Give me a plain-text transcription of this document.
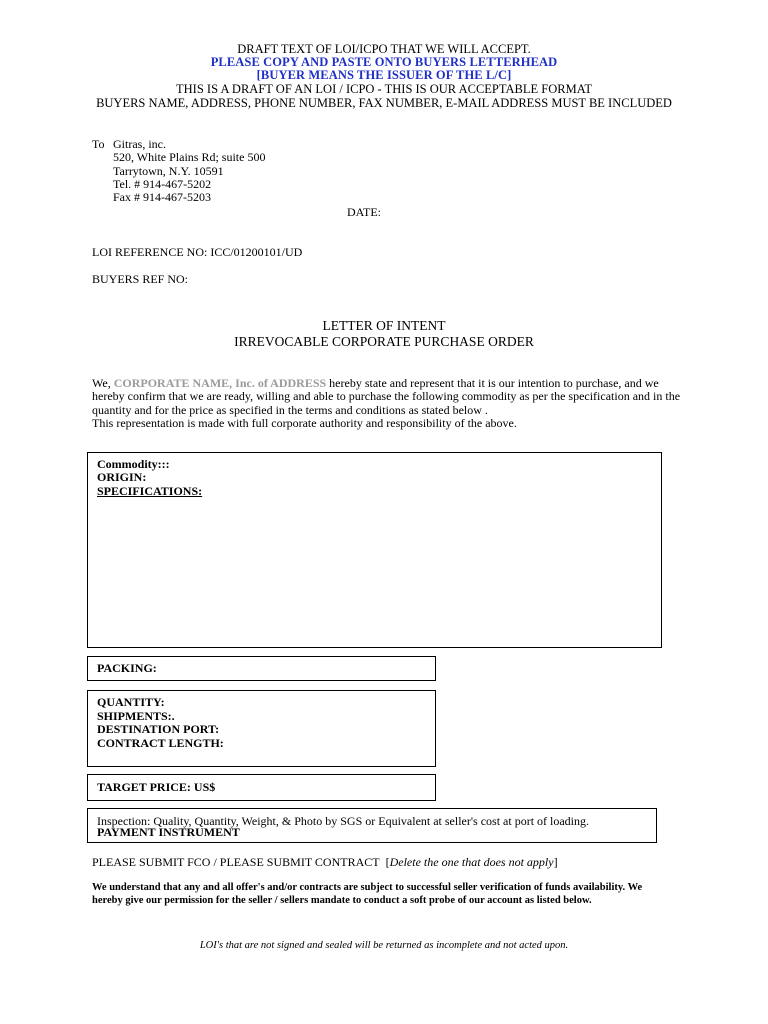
DRAFT TEXT OF LOI/ICPO THAT WE WILL ACCEPT.
PLEASE COPY AND PASTE ONTO BUYERS LETTERHEAD
[BUYER MEANS THE ISSUER OF THE L/C]
THIS IS A DRAFT OF AN LOI / ICPO - THIS IS OUR ACCEPTABLE FORMAT
BUYERS NAME, ADDRESS, PHONE NUMBER, FAX NUMBER, E-MAIL ADDRESS MUST BE INCLUDED
To Gitras, inc.
520, White Plains Rd; suite 500
Tarrytown, N.Y. 10591
Tel. # 914-467-5202
Fax # 914-467-5203
DATE:
LOI REFERENCE NO: ICC/01200101/UD
BUYERS REF NO:
LETTER OF INTENT
IRREVOCABLE CORPORATE PURCHASE ORDER

We, CORPORATE NAME, Inc. of ADDRESS hereby state and represent that it is our intention to purchase, and we

hereby confirm that we are ready, willing and able to purchase the following commodity as per the specification and in the

quantity and for the price as specified in the terms and conditions as stated below .

This representation is made with full corporate authority and responsibility of the above.

Commodity:::
ORIGIN:
SPECIFICATIONS:
PACKING:
QUANTITY:
SHIPMENTS:.
DESTINATION PORT:
CONTRACT LENGTH:
TARGET PRICE: US$
Inspection: Quality, Quantity, Weight, & Photo by SGS or Equivalent at seller's cost at port of loading.
PAYMENT INSTRUMENT
PLEASE SUBMIT FCO / PLEASE SUBMIT CONTRACT [Delete the one that does not apply]

We understand that any and all offer's and/or contracts are subject to successful seller verification of funds availability. We

hereby give our permission for the seller / sellers mandate to conduct a soft probe of our account as listed below.

LOI's that are not signed and sealed will be returned as incomplete and not acted upon.
